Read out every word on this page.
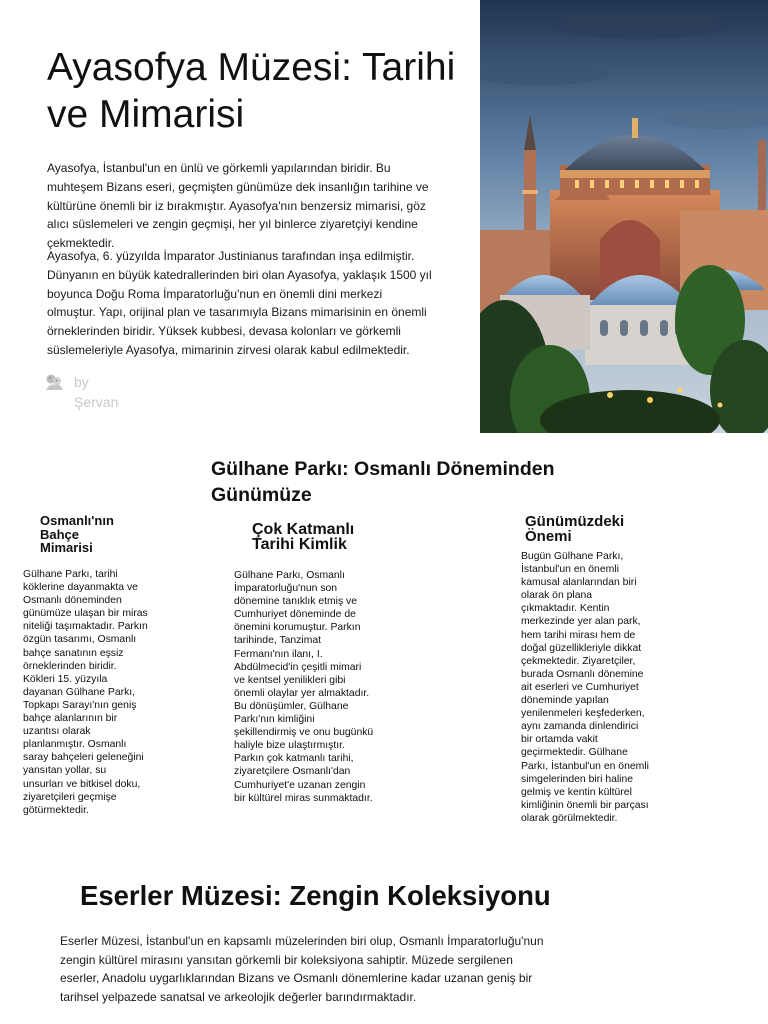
Ayasofya Müzesi: Tarihi ve Mimarisi

Ayasofya, İstanbul'un en ünlü ve görkemli yapılarından biridir. Bu muhteşem Bizans eseri, geçmişten günümüze dek insanlığın tarihine ve kültürüne önemli bir iz bırakmıştır. Ayasofya'nın benzersiz mimarisi, göz alıcı süslemeleri ve zengin geçmişi, her yıl binlerce ziyaretçiyi kendine çekmektedir.

Ayasofya, 6. yüzyılda İmparator Justinianus tarafından inşa edilmiştir. Dünyanın en büyük katedrallerinden biri olan Ayasofya, yaklaşık 1500 yıl boyunca Doğu Roma İmparatorluğu'nun en önemli dini merkezi olmuştur. Yapı, orijinal plan ve tasarımıyla Bizans mimarisinin en önemli örneklerinden biridir. Yüksek kubbesi, devasa kolonları ve görkemli süslemeleriyle Ayasofya, mimarinin zirvesi olarak kabul edilmektedir.

by Şervan
Gülhane Parkı: Osmanlı Döneminden Günümüze
Osmanlı'nın Bahçe Mimarisi

Gülhane Parkı, tarihi köklerine dayanmakta ve Osmanlı döneminden günümüze ulaşan bir miras niteliği taşımaktadır. Parkın özgün tasarımı, Osmanlı bahçe sanatının eşsiz örneklerinden biridir. Kökleri 15. yüzyıla dayanan Gülhane Parkı, Topkapı Sarayı'nın geniş bahçe alanlarının bir uzantısı olarak planlanmıştır. Osmanlı saray bahçeleri geleneğini yansıtan yollar, su unsurları ve bitkisel doku, ziyaretçileri geçmişe götürmektedir.

Çok Katmanlı Tarihi Kimlik

Gülhane Parkı, Osmanlı İmparatorluğu'nun son dönemine tanıklık etmiş ve Cumhuriyet döneminde de önemini korumuştur. Parkın tarihinde, Tanzimat Fermanı'nın ilanı, I. Abdülmecid'in çeşitli mimari ve kentsel yenilikleri gibi önemli olaylar yer almaktadır. Bu dönüşümler, Gülhane Parkı'nın kimliğini şekillendirmiş ve onu bugünkü haliyle bize ulaştırmıştır. Parkın çok katmanlı tarihi, ziyaretçilere Osmanlı'dan Cumhuriyet'e uzanan zengin bir kültürel miras sunmaktadır.

Günümüzdeki Önemi

Bugün Gülhane Parkı, İstanbul'un en önemli kamusal alanlarından biri olarak ön plana çıkmaktadır. Kentin merkezinde yer alan park, hem tarihi mirası hem de doğal güzellikleriyle dikkat çekmektedir. Ziyaretçiler, burada Osmanlı dönemine ait eserleri ve Cumhuriyet döneminde yapılan yenilenmeleri keşfederken, aynı zamanda dinlendirici bir ortamda vakit geçirmektedir. Gülhane Parkı, İstanbul'un en önemli simgelerinden biri haline gelmiş ve kentin kültürel kimliğinin önemli bir parçası olarak görülmektedir.

Eserler Müzesi: Zengin Koleksiyonu

Eserler Müzesi, İstanbul'un en kapsamlı müzelerinden biri olup, Osmanlı İmparatorluğu'nun zengin kültürel mirasını yansıtan görkemli bir koleksiyona sahiptir. Müzede sergilenen eserler, Anadolu uygarlıklarından Bizans ve Osmanlı dönemlerine kadar uzanan geniş bir tarihsel yelpazede sanatsal ve arkeolojik değerler barındırmaktadır.
